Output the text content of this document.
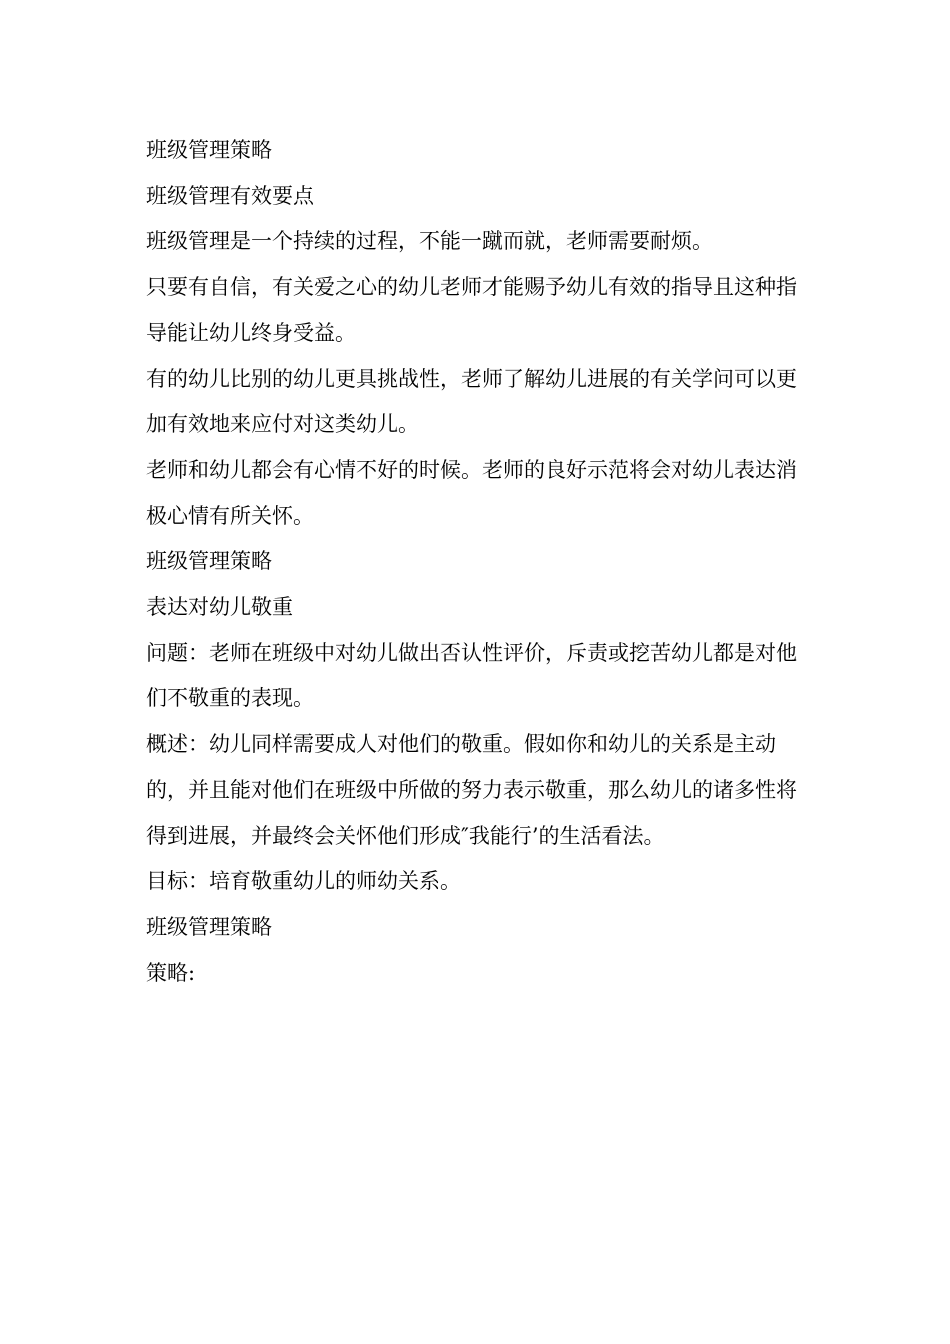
班级管理策略

班级管理有效要点

班级管理是一个持续的过程，不能一蹴而就，老师需要耐烦。

只要有自信，有关爱之心的幼儿老师才能赐予幼儿有效的指导且这种指导能让幼儿终身受益。

有的幼儿比别的幼儿更具挑战性，老师了解幼儿进展的有关学问可以更加有效地来应付对这类幼儿。

老师和幼儿都会有心情不好的时候。老师的良好示范将会对幼儿表达消极心情有所关怀。

班级管理策略

表达对幼儿敬重

问题：老师在班级中对幼儿做出否认性评价，斥责或挖苦幼儿都是对他们不敬重的表现。

概述：幼儿同样需要成人对他们的敬重。假如你和幼儿的关系是主动的，并且能对他们在班级中所做的努力表示敬重，那么幼儿的诸多性将得到进展，并最终会关怀他们形成″我能行’的生活看法。

目标：培育敬重幼儿的师幼关系。

班级管理策略

策略:
